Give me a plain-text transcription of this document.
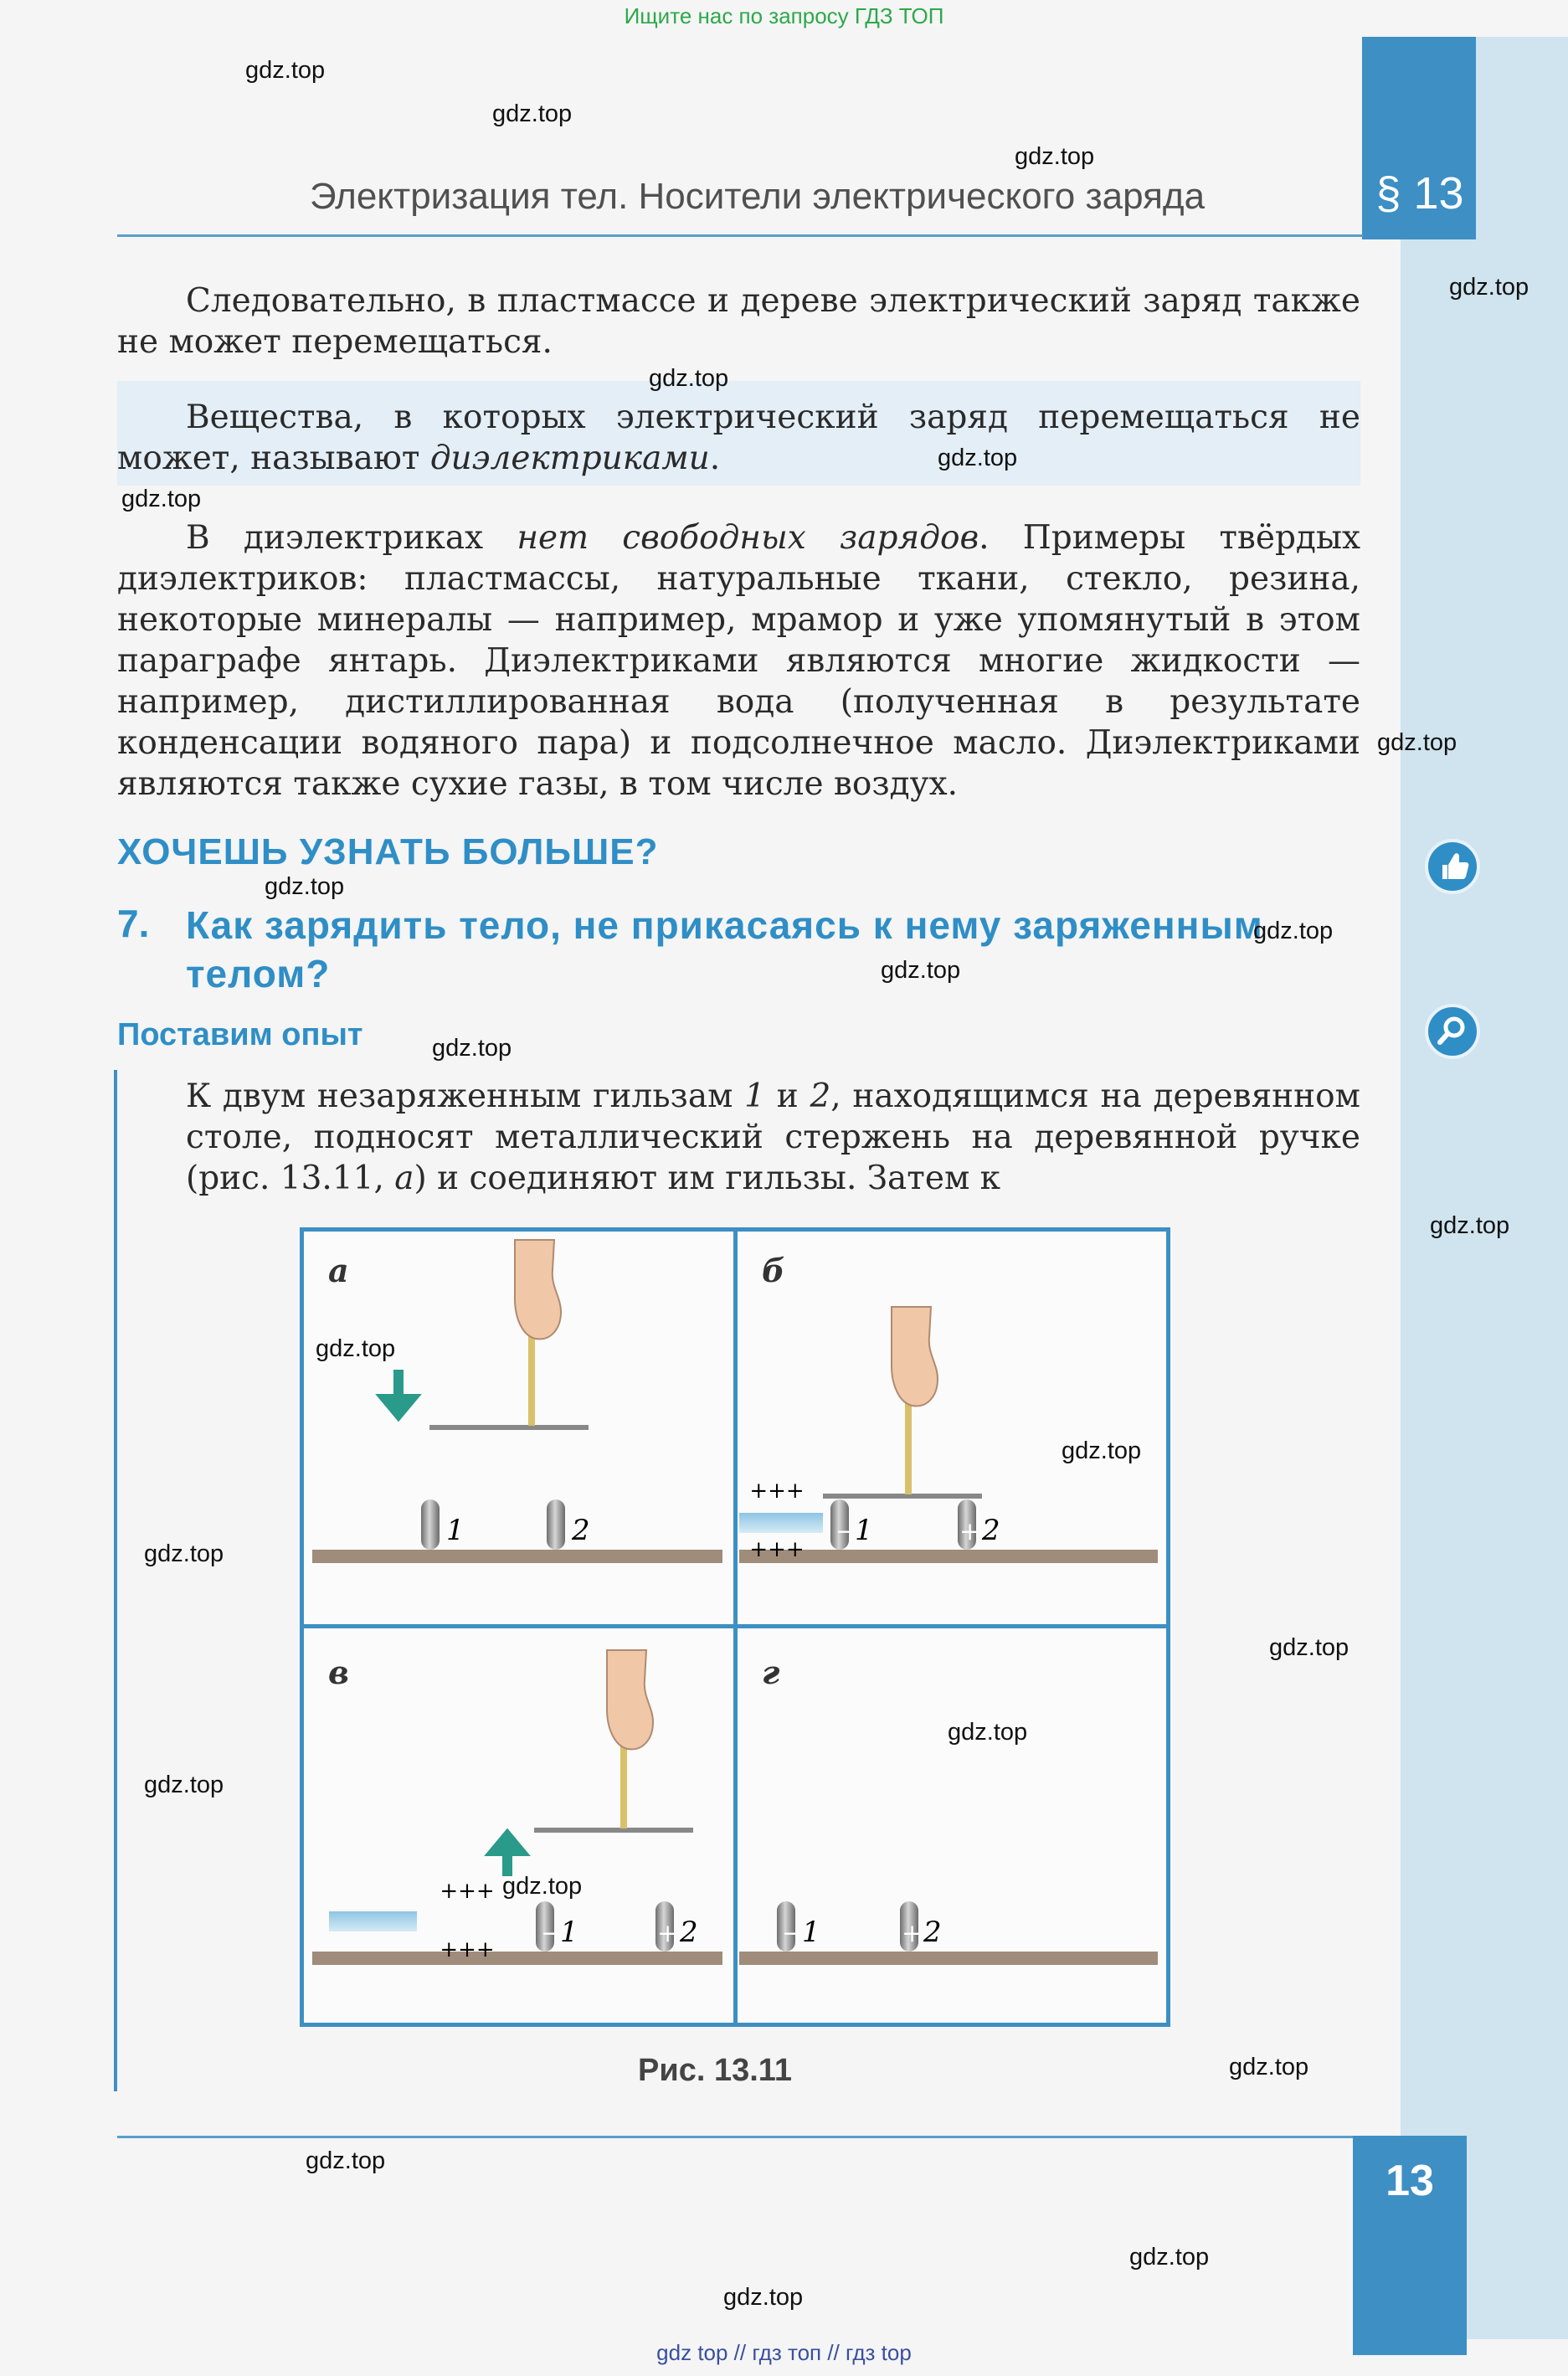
Ищите нас по запросу ГДЗ ТОП
§ 13
Электризация тел. Носители электрического заряда
Следовательно, в пластмассе и дереве электрический заряд также не может перемещаться.
Вещества, в которых электрический заряд перемещаться не может, называют диэлектриками.
В диэлектриках нет свободных зарядов. Примеры твёрдых диэлектриков: пластмассы, натуральные ткани, стекло, резина, некоторые минералы — например, мрамор и уже упомянутый в этом параграфе янтарь. Диэлектриками являются многие жидкости — например, дистиллированная вода (полученная в результате конденсации водяного пара) и подсолнечное масло. Диэлектриками являются также сухие газы, в том числе воздух.
ХОЧЕШЬ УЗНАТЬ БОЛЬШЕ?
7. Как зарядить тело, не прикасаясь к нему заряженным телом?
Поставим опыт
К двум незаряженным гильзам 1 и 2, находящимся на деревянном столе, подносят металлический стержень на деревянной ручке (рис. 13.11, а) и соединяют им гильзы. Затем к
а	б
в	г
1	2
+++
+++
−	+
1	2
+++
+++
−	+
1	2	−	+
1	2
Рис. 13.11
13
gdz top // гдз топ // гдз top
gdz.top
gdz.top
gdz.top
gdz.top
gdz.top
gdz.top
gdz.top
gdz.top
gdz.top
gdz.top
gdz.top
gdz.top
gdz.top
gdz.top
gdz.top
gdz.top
gdz.top
gdz.top
gdz.top
gdz.top
gdz.top
gdz.top
gdz.top
gdz.top
